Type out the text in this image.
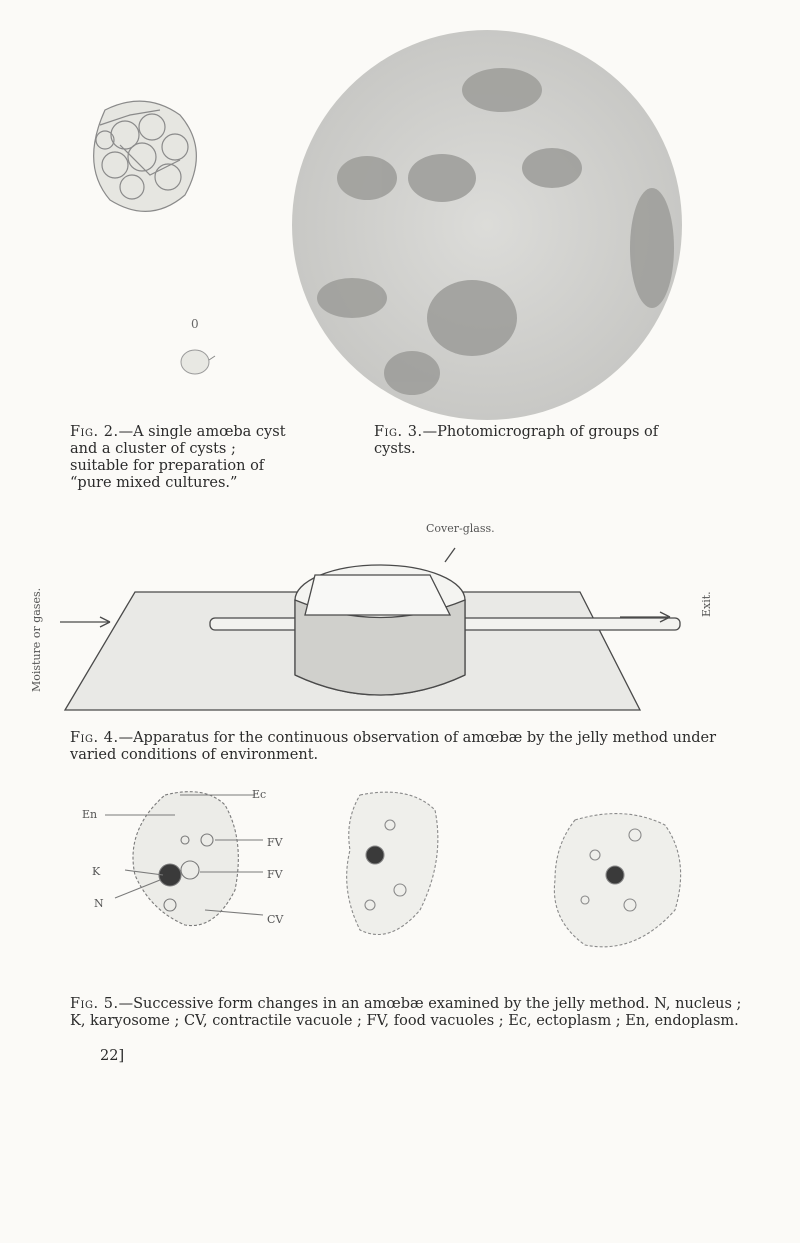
0
Fig. 2.—A single amœba cyst and a cluster of cysts ; suitable for preparation of “pure mixed cultures.”
Fig. 3.—Photomicrograph of groups of cysts.
Cover-glass.
Moisture or gases.	Exit.
Fig. 4.—Apparatus for the continuous observation of amœbæ by the jelly method under varied conditions of environment.
En
Ec
K
N
FV
FV
CV
Fig. 5.—Successive form changes in an amœbæ examined by the jelly method. N, nucleus ; K, karyosome ; CV, contractile vacuole ; FV, food vacuoles ; Ec, ectoplasm ; En, endoplasm.
22]
